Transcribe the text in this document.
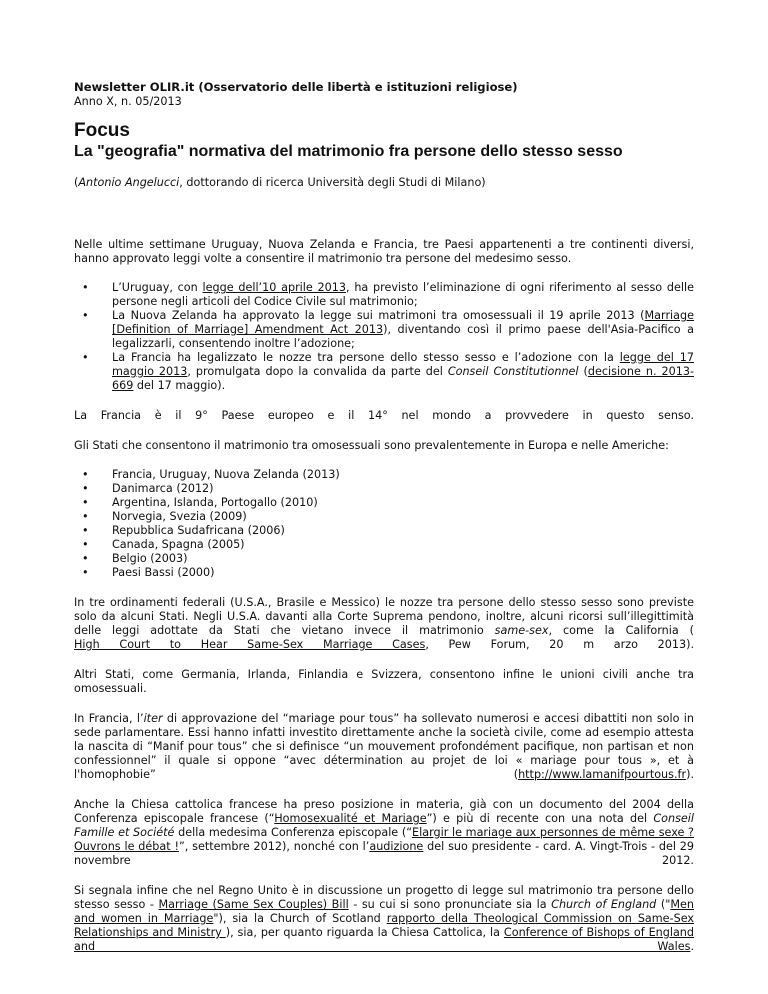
Newsletter OLIR.it (Osservatorio delle libertà e istituzioni religiose)

Anno X, n. 05/2013

Focus

La "geografia" normativa del matrimonio fra persone dello stesso sesso

(Antonio Angelucci, dottorando di ricerca Università degli Studi di Milano)

Nelle ultime settimane Uruguay, Nuova Zelanda e Francia, tre Paesi appartenenti a tre continenti diversi, hanno approvato leggi volte a consentire il matrimonio tra persone del medesimo sesso.

• L’Uruguay, con legge dell’10 aprile 2013, ha previsto l’eliminazione di ogni riferimento al sesso delle persone negli articoli del Codice Civile sul matrimonio;
• La Nuova Zelanda ha approvato la legge sui matrimoni tra omosessuali il 19 aprile 2013 (Marriage [Definition of Marriage] Amendment Act 2013), diventando così il primo paese dell'Asia-Pacifico a legalizzarli, consentendo inoltre l’adozione;
• La Francia ha legalizzato le nozze tra persone dello stesso sesso e l’adozione con la legge del 17 maggio 2013, promulgata dopo la convalida da parte del Conseil Constitutionnel (decisione n. 2013-669 del 17 maggio).

La Francia è il 9° Paese europeo e il 14° nel mondo a provvedere in questo senso.

Gli Stati che consentono il matrimonio tra omosessuali sono prevalentemente in Europa e nelle Americhe:

• Francia, Uruguay, Nuova Zelanda (2013)
• Danimarca (2012)
• Argentina, Islanda, Portogallo (2010)
• Norvegia, Svezia (2009)
• Repubblica Sudafricana (2006)
• Canada, Spagna (2005)
• Belgio (2003)
• Paesi Bassi (2000)

In tre ordinamenti federali (U.S.A., Brasile e Messico) le nozze tra persone dello stesso sesso sono previste solo da alcuni Stati. Negli U.S.A. davanti alla Corte Suprema pendono, inoltre, alcuni ricorsi sull’illegittimità delle leggi adottate da Stati che vietano invece il matrimonio same-sex, come la California (High Court to Hear Same-Sex Marriage Cases, Pew Forum, 20 m arzo 2013).

Altri Stati, come Germania, Irlanda, Finlandia e Svizzera, consentono infine le unioni civili anche tra omosessuali.

In Francia, l’iter di approvazione del “mariage pour tous” ha sollevato numerosi e accesi dibattiti non solo in sede parlamentare. Essi hanno infatti investito direttamente anche la società civile, come ad esempio attesta la nascita di “Manif pour tous” che si definisce “un mouvement profondément pacifique, non partisan et non confessionnel” il quale si oppone “avec détermination au projet de loi « mariage pour tous », et à l'homophobie” (http://www.lamanifpourtous.fr).

Anche la Chiesa cattolica francese ha preso posizione in materia, già con un documento del 2004 della Conferenza episcopale francese (“Homosexualité et Mariage”) e più di recente con una nota del Conseil Famille et Société della medesima Conferenza episcopale (“Elargir le mariage aux personnes de même sexe ? Ouvrons le débat !”, settembre 2012), nonché con l’audizione del suo presidente - card. A. Vingt-Trois - del 29 novembre 2012.

Si segnala infine che nel Regno Unito è in discussione un progetto di legge sul matrimonio tra persone dello stesso sesso - Marriage (Same Sex Couples) Bill - su cui si sono pronunciate sia la Church of England ("Men and women in Marriage"), sia la Church of Scotland rapporto della Theological Commission on Same-Sex Relationships and Ministry ), sia, per quanto riguarda la Chiesa Cattolica, la Conference of Bishops of England and Wales.
